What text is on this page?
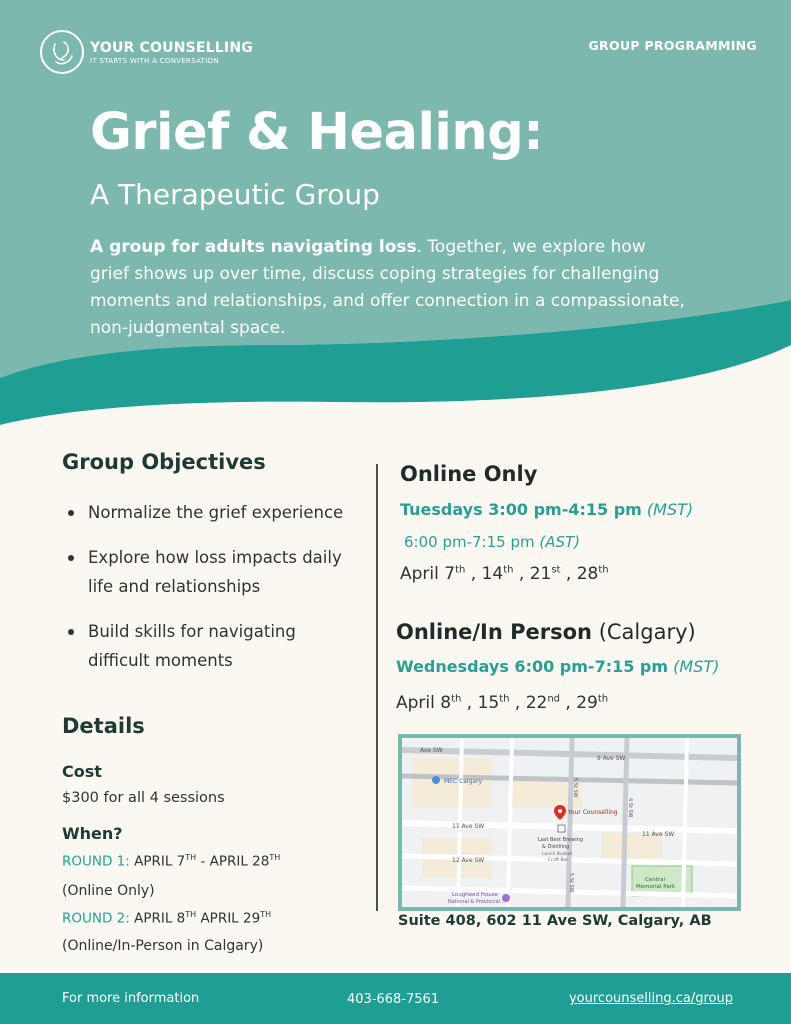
YOUR COUNSELLING
IT STARTS WITH A CONVERSATION
GROUP PROGRAMMING
Grief & Healing:
A Therapeutic Group
A group for adults navigating loss. Together, we explore how grief shows up over time, discuss coping strategies for challenging moments and relationships, and offer connection in a compassionate, non-judgmental space.
Group Objectives
Normalize the grief experience
Explore how loss impacts daily life and relationships
Build skills for navigating difficult moments
Details
Cost
$300 for all 4 sessions
When?
ROUND 1: APRIL 7TH - APRIL 28TH
(Online Only)
ROUND 2: APRIL 8TH APRIL 29TH
(Online/In-Person in Calgary)
Online Only
Tuesdays 3:00 pm-4:15 pm (MST)
6:00 pm-7:15 pm (AST)
April 7th , 14th , 21st , 28th
Online/In Person (Calgary)
Wednesdays 6:00 pm-7:15 pm (MST)
April 8th , 15th , 22nd , 29th
Ave SW
9 Ave SW
11 Ave SW
11 Ave SW
12 Ave SW
5 St SW
4 St SW
5 St SW
MEC Calgary
Your Counselling
Last Best Brewing
& Distilling
Lunch Buskut
Craft Bar
Central
Memorial Park
Lougheed House
National & Provincial...
Suite 408, 602 11 Ave SW, Calgary, AB
For more information	403-668-7561	yourcounselling.ca/group
